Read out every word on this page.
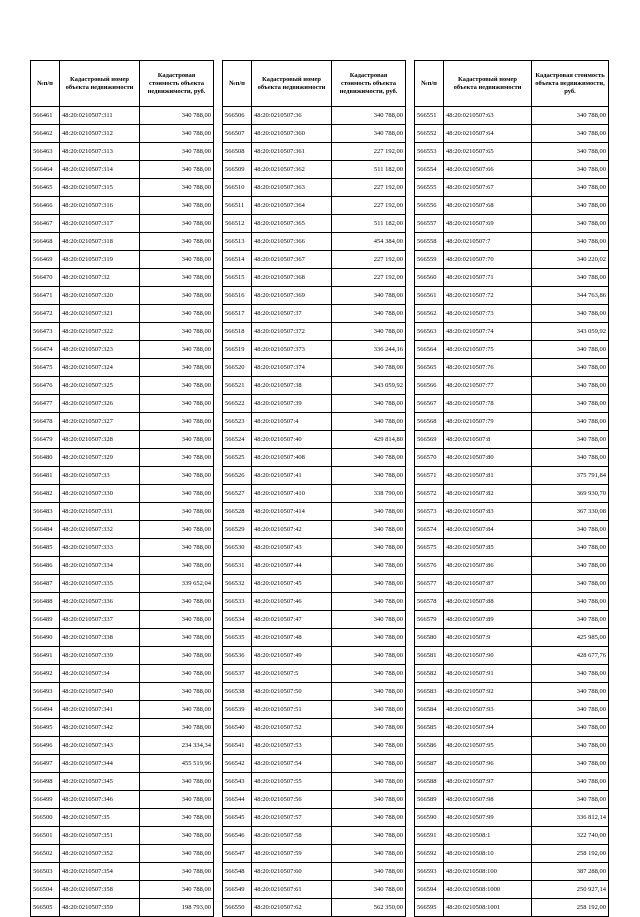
№п/п	Кадастровый номер объекта недвижимости	Кадастровая стоимость объекта недвижимости, руб.
566461	48:20:0210507:311	340 788,00
566462	48:20:0210507:312	340 788,00
566463	48:20:0210507:313	340 788,00
566464	48:20:0210507:314	340 788,00
566465	48:20:0210507:315	340 788,00
566466	48:20:0210507:316	340 788,00
566467	48:20:0210507:317	340 788,00
566468	48:20:0210507:318	340 788,00
566469	48:20:0210507:319	340 788,00
566470	48:20:0210507:32	340 788,00
566471	48:20:0210507:320	340 788,00
566472	48:20:0210507:321	340 788,00
566473	48:20:0210507:322	340 788,00
566474	48:20:0210507:323	340 788,00
566475	48:20:0210507:324	340 788,00
566476	48:20:0210507:325	340 788,00
566477	48:20:0210507:326	340 788,00
566478	48:20:0210507:327	340 788,00
566479	48:20:0210507:328	340 788,00
566480	48:20:0210507:329	340 788,00
566481	48:20:0210507:33	340 788,00
566482	48:20:0210507:330	340 788,00
566483	48:20:0210507:331	340 788,00
566484	48:20:0210507:332	340 788,00
566485	48:20:0210507:333	340 788,00
566486	48:20:0210507:334	340 788,00
566487	48:20:0210507:335	339 652,04
566488	48:20:0210507:336	340 788,00
566489	48:20:0210507:337	340 788,00
566490	48:20:0210507:338	340 788,00
566491	48:20:0210507:339	340 788,00
566492	48:20:0210507:34	340 788,00
566493	48:20:0210507:340	340 788,00
566494	48:20:0210507:341	340 788,00
566495	48:20:0210507:342	340 788,00
566496	48:20:0210507:343	234 334,34
566497	48:20:0210507:344	455 519,96
566498	48:20:0210507:345	340 788,00
566499	48:20:0210507:346	340 788,00
566500	48:20:0210507:35	340 788,00
566501	48:20:0210507:351	340 788,00
566502	48:20:0210507:352	340 788,00
566503	48:20:0210507:354	340 788,00
566504	48:20:0210507:358	340 788,00
566505	48:20:0210507:359	198 793,00
№п/п	Кадастровый номер объекта недвижимости	Кадастровая стоимость объекта недвижимости, руб.
566506	48:20:0210507:36	340 788,00
566507	48:20:0210507:360	340 788,00
566508	48:20:0210507:361	227 192,00
566509	48:20:0210507:362	511 182,00
566510	48:20:0210507:363	227 192,00
566511	48:20:0210507:364	227 192,00
566512	48:20:0210507:365	511 182,00
566513	48:20:0210507:366	454 384,00
566514	48:20:0210507:367	227 192,00
566515	48:20:0210507:368	227 192,00
566516	48:20:0210507:369	340 788,00
566517	48:20:0210507:37	340 788,00
566518	48:20:0210507:372	340 788,00
566519	48:20:0210507:373	336 244,16
566520	48:20:0210507:374	340 788,00
566521	48:20:0210507:38	343 059,92
566522	48:20:0210507:39	340 788,00
566523	48:20:0210507:4	340 788,00
566524	48:20:0210507:40	429 814,80
566525	48:20:0210507:408	340 788,00
566526	48:20:0210507:41	340 788,00
566527	48:20:0210507:410	338 790,00
566528	48:20:0210507:414	340 788,00
566529	48:20:0210507:42	340 788,00
566530	48:20:0210507:43	340 788,00
566531	48:20:0210507:44	340 788,00
566532	48:20:0210507:45	340 788,00
566533	48:20:0210507:46	340 788,00
566534	48:20:0210507:47	340 788,00
566535	48:20:0210507:48	340 788,00
566536	48:20:0210507:49	340 788,00
566537	48:20:0210507:5	340 788,00
566538	48:20:0210507:50	340 788,00
566539	48:20:0210507:51	340 788,00
566540	48:20:0210507:52	340 788,00
566541	48:20:0210507:53	340 788,00
566542	48:20:0210507:54	340 788,00
566543	48:20:0210507:55	340 788,00
566544	48:20:0210507:56	340 788,00
566545	48:20:0210507:57	340 788,00
566546	48:20:0210507:58	340 788,00
566547	48:20:0210507:59	340 788,00
566548	48:20:0210507:60	340 788,00
566549	48:20:0210507:61	340 788,00
566550	48:20:0210507:62	562 350,00
№п/п	Кадастровый номер объекта недвижимости	Кадастровая стоимость объекта недвижимости, руб.
566551	48:20:0210507:63	340 788,00
566552	48:20:0210507:64	340 788,00
566553	48:20:0210507:65	340 788,00
566554	48:20:0210507:66	340 788,00
566555	48:20:0210507:67	340 788,00
566556	48:20:0210507:68	340 788,00
566557	48:20:0210507:69	340 788,00
566558	48:20:0210507:7	340 788,00
566559	48:20:0210507:70	340 220,02
566560	48:20:0210507:71	340 788,00
566561	48:20:0210507:72	344 763,86
566562	48:20:0210507:73	340 788,00
566563	48:20:0210507:74	343 059,92
566564	48:20:0210507:75	340 788,00
566565	48:20:0210507:76	340 788,00
566566	48:20:0210507:77	340 788,00
566567	48:20:0210507:78	340 788,00
566568	48:20:0210507:79	340 788,00
566569	48:20:0210507:8	340 788,00
566570	48:20:0210507:80	340 788,00
566571	48:20:0210507:81	375 791,84
566572	48:20:0210507:82	369 930,70
566573	48:20:0210507:83	367 330,08
566574	48:20:0210507:84	340 788,00
566575	48:20:0210507:85	340 788,00
566576	48:20:0210507:86	340 788,00
566577	48:20:0210507:87	340 788,00
566578	48:20:0210507:88	340 788,00
566579	48:20:0210507:89	340 788,00
566580	48:20:0210507:9	425 985,00
566581	48:20:0210507:90	428 677,76
566582	48:20:0210507:91	340 788,00
566583	48:20:0210507:92	340 788,00
566584	48:20:0210507:93	340 788,00
566585	48:20:0210507:94	340 788,00
566586	48:20:0210507:95	340 788,00
566587	48:20:0210507:96	340 788,00
566588	48:20:0210507:97	340 788,00
566589	48:20:0210507:98	340 788,00
566590	48:20:0210507:99	336 812,14
566591	48:20:0210508:1	322 740,00
566592	48:20:0210508:10	258 192,00
566593	48:20:0210508:100	387 288,00
566594	48:20:0210508:1000	250 927,14
566595	48:20:0210508:1001	258 192,00
